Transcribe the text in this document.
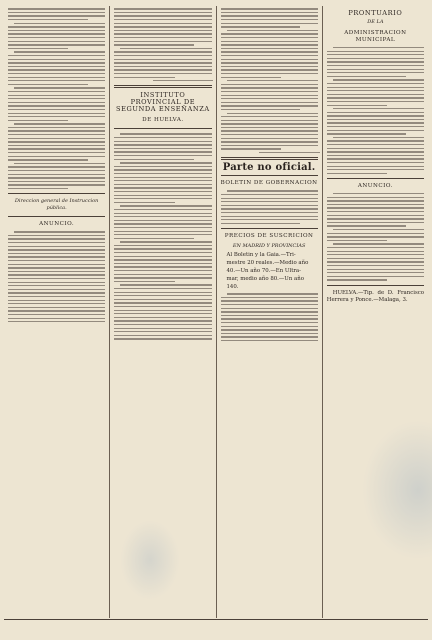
Direccion general de Instruccion pública.
ANUNCIO.
INSTITUTO PROVINCIAL DE SEGUNDA ENSEÑANZA
DE HUELVA.
Parte no oficial.
BOLETIN DE GOBERNACION
PRECIOS DE SUSCRICION
EN MADRID Y PROVINCIAS
Al Boletin y la Gaia.—Tri-
mestre 20 reales.—Medio año
40.—Un año 70.—En Ultra-
mar, medio año 80.—Un año
140.
PRONTUARIO
DE LA
ADMINISTRACION MUNICIPAL
ANUNCIO.
HUELVA.—Tip. de D. Francisco Herrera y Ponce.—Malaga, 3.
